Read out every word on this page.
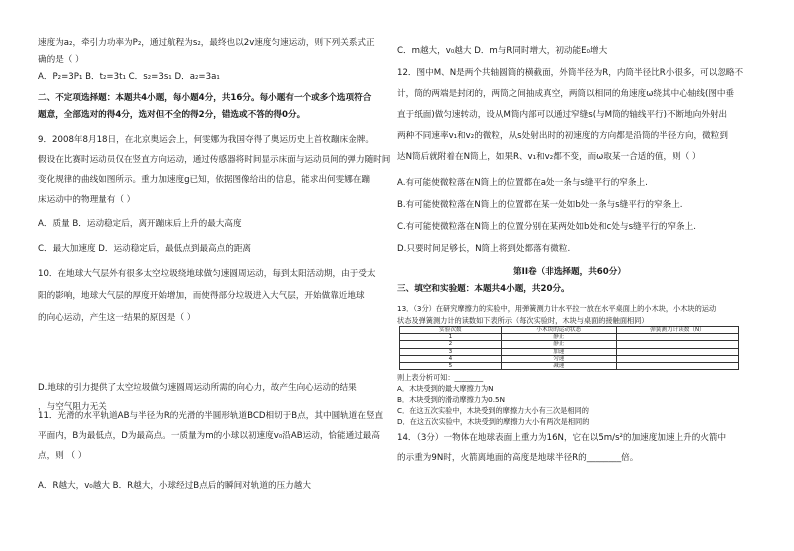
速度为a₂，牵引力功率为P₂，通过航程为s₂，最终也以2v速度匀速运动，则下列关系式正
确的是（ ）
A．P₂=3P₁ B．t₂=3t₁ C．s₂=3s₁ D．a₂=3a₁
二、不定项选择题：本题共4小题，每小题4分，共16分。每小题有一个或多个选项符合
题意，全部选对的得4分，选对但不全的得2分，错选或不答的得0分。
9．2008年8月18日，在北京奥运会上，何雯娜为我国夺得了奥运历史上首枚蹦床金牌。
假设在比赛时运动员仅在竖直方向运动，通过传感器将时间显示床面与运动员间的弹力随时间
变化规律的曲线如图所示。重力加速度g已知，依据图像给出的信息，能求出何雯娜在蹦
床运动中的物理量有（ ）
A．质量 B．运动稳定后，离开蹦床后上升的最大高度
C．最大加速度 D．运动稳定后，最低点到最高点的距离
10．在地球大气层外有很多太空垃圾绕地球做匀速圆周运动，每到太阳活动期，由于受太
阳的影响，地球大气层的厚度开始增加，而使得部分垃圾进入大气层，开始做靠近地球
的向心运动，产生这一结果的原因是（ ）
D.地球的引力提供了太空垃圾做匀速圆周运动所需的向心力，故产生向心运动的结果
，与空气阻力无关
11．光滑的水平轨道AB与半径为R的光滑的半圆形轨道BCD相切于B点，其中圆轨道在竖直
平面内，B为最低点，D为最高点。一质量为m的小球以初速度v₀沿AB运动，恰能通过最高
点，则 （ ）
A．R越大，v₀越大 B．R越大，小球经过B点后的瞬间对轨道的压力越大
C．m越大，v₀越大 D．m与R同时增大，初动能E₀增大
12．图中M、N是两个共轴圆筒的横截面，外筒半径为R，内筒半径比R小很多，可以忽略不
计，筒的两端是封闭的，两筒之间抽成真空，两筒以相同的角速度ω绕其中心轴线(图中垂
直于纸面)做匀速转动，设从M筒内部可以通过窄缝s(与M筒的轴线平行)不断地向外射出
两种不同速率v₁和v₂的微粒，从s处射出时的初速度的方向都是沿筒的半径方向，微粒到
达N筒后就附着在N筒上，如果R、v₁和v₂都不变，而ω取某一合适的值，则（ ）
A.有可能使微粒落在N筒上的位置都在a处一条与s缝平行的窄条上.
B.有可能使微粒落在N筒上的位置都在某一处如b处一条与s缝平行的窄条上.
C.有可能使微粒落在N筒上的位置分别在某两处如b处和c处与s缝平行的窄条上.
D.只要时间足够长，N筒上将到处都落有微粒.
第II卷（非选择题，共60分）
三、填空和实验题：本题共4小题，共20分。
13．（3分）在研究摩擦力的实验中，用弹簧测力计水平拉一放在水平桌面上的小木块，小木块的运动
状态及弹簧测力计的读数如下表所示（每次实验时，木块与桌面的接触面相同）
实验次数	小木块的运动状态	弹簧测力计读数（N）
1	静止	
2	静止	
3	加速	
4	匀速	
5	减速	
则上表分析可知：________
A．木块受到的最大摩擦力为N
B．木块受到的滑动摩擦力为0.5N
C．在这五次实验中，木块受到的摩擦力大小有三次是相同的
D．在这五次实验中，木块受到的摩擦力大小有两次是相同的
14．（3分）一物体在地球表面上重力为16N，它在以5m/s²的加速度加速上升的火箭中
的示重为9N时，火箭离地面的高度是地球半径R的________倍。
